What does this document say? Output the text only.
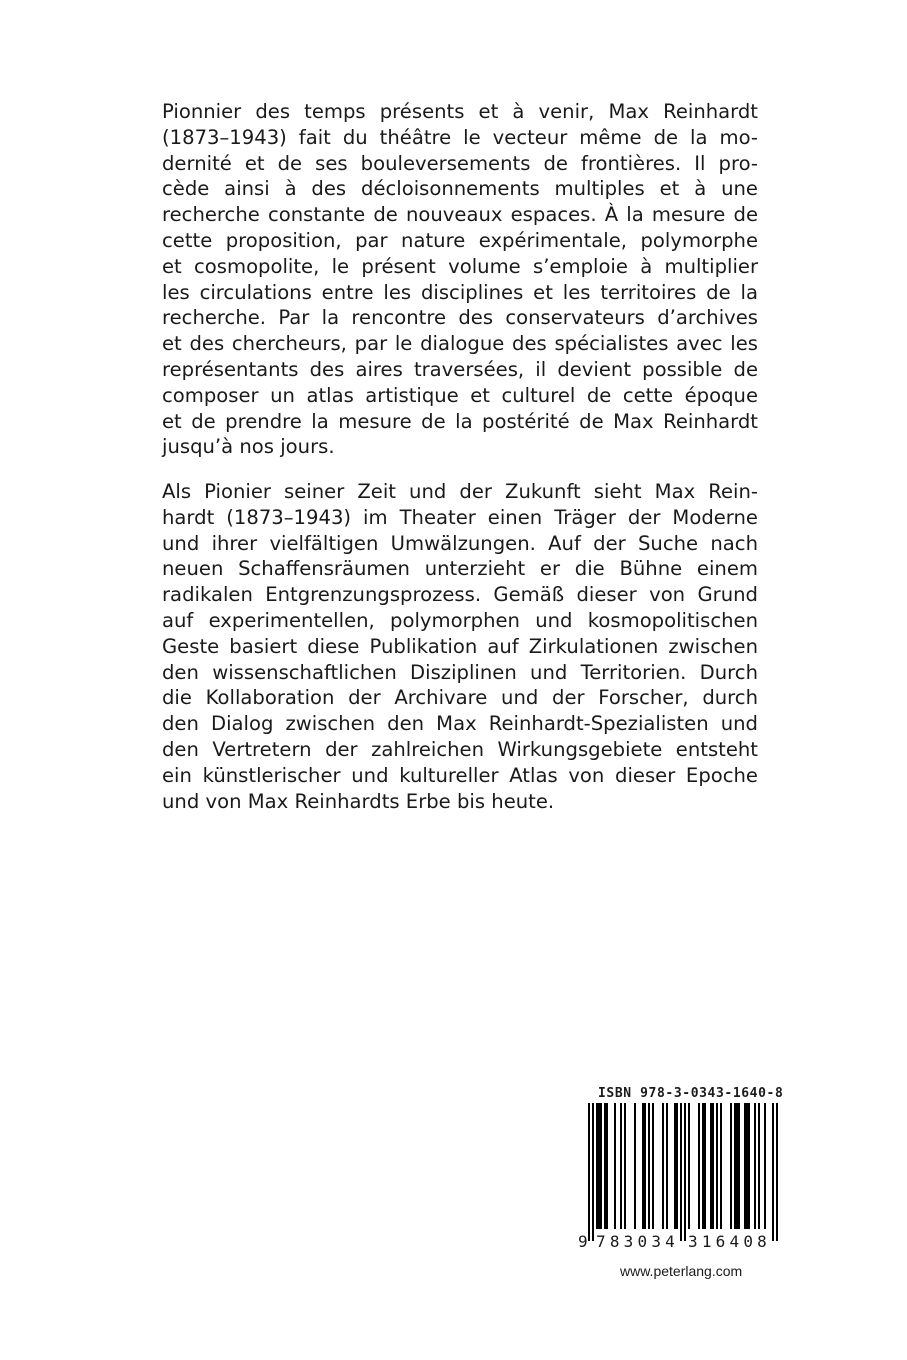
Pionnier des temps présents et à venir, Max Reinhardt
(1873–1943) fait du théâtre le vecteur même de la mo-
dernité et de ses bouleversements de frontières. Il pro-
cède ainsi à des décloisonnements multiples et à une
recherche constante de nouveaux espaces. À la mesure de
cette proposition, par nature expérimentale, polymorphe
et cosmopolite, le présent volume s’emploie à multiplier
les circulations entre les disciplines et les territoires de la
recherche. Par la rencontre des conservateurs d’archives
et des chercheurs, par le dialogue des spécialistes avec les
représentants des aires traversées, il devient possible de
composer un atlas artistique et culturel de cette époque
et de prendre la mesure de la postérité de Max Reinhardt
jusqu’à nos jours.
Als Pionier seiner Zeit und der Zukunft sieht Max Rein-
hardt (1873–1943) im Theater einen Träger der Moderne
und ihrer vielfältigen Umwälzungen. Auf der Suche nach
neuen Schaffensräumen unterzieht er die Bühne einem
radikalen Entgrenzungsprozess. Gemäß dieser von Grund
auf experimentellen, polymorphen und kosmopolitischen
Geste basiert diese Publikation auf Zirkulationen zwischen
den wissenschaftlichen Disziplinen und Territorien. Durch
die Kollaboration der Archivare und der Forscher, durch
den Dialog zwischen den Max Reinhardt-Spezialisten und
den Vertretern der zahlreichen Wirkungsgebiete entsteht
ein künstlerischer und kultureller Atlas von dieser Epoche
und von Max Reinhardts Erbe bis heute.
ISBN 978-3-0343-1640-8
9 783034 316408
www.peterlang.com
